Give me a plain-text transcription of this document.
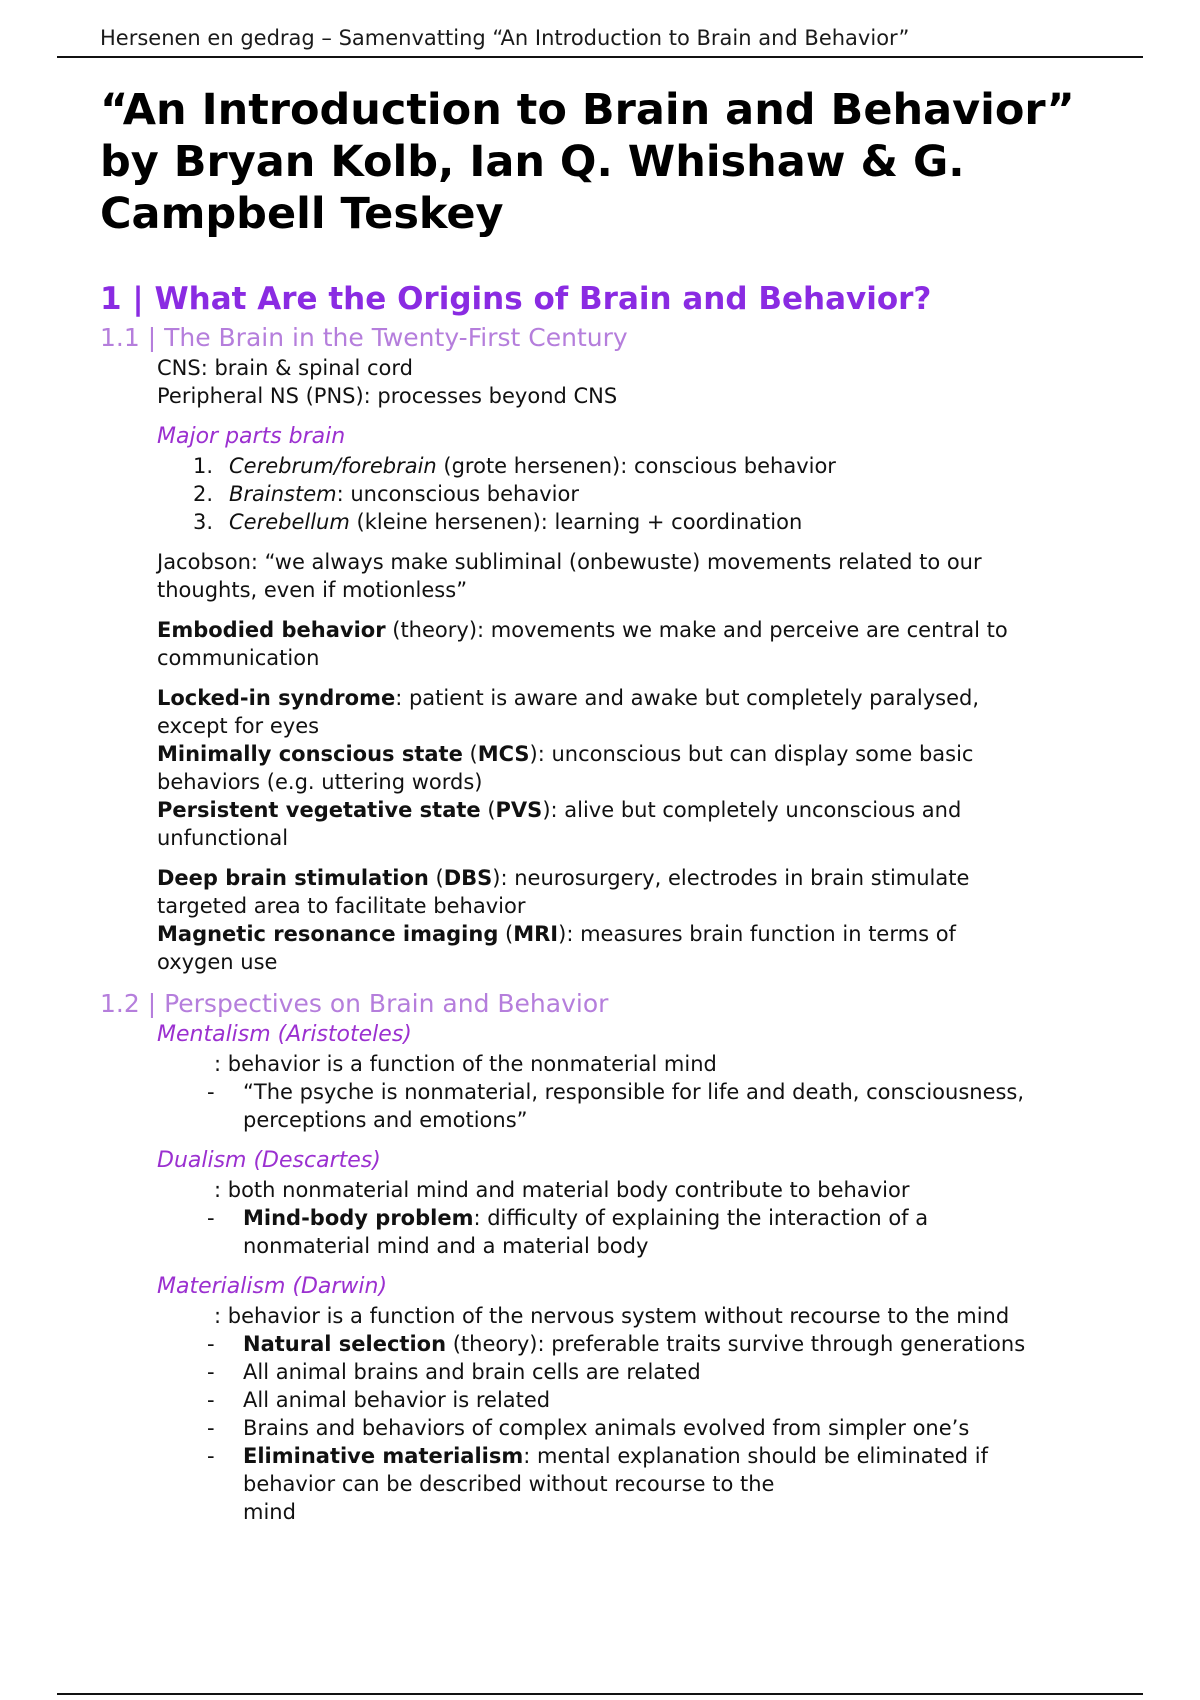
Hersenen en gedrag – Samenvatting “An Introduction to Brain and Behavior”
“An Introduction to Brain and Behavior”
by Bryan Kolb, Ian Q. Whishaw & G.
Campbell Teskey
1 | What Are the Origins of Brain and Behavior?
1.1 | The Brain in the Twenty-First Century
CNS: brain & spinal cord
Peripheral NS (PNS): processes beyond CNS
Major parts brain
1. Cerebrum/forebrain (grote hersenen): conscious behavior
2. Brainstem: unconscious behavior
3. Cerebellum (kleine hersenen): learning + coordination
Jacobson: “we always make subliminal (onbewuste) movements related to our
thoughts, even if motionless”
Embodied behavior (theory): movements we make and perceive are central to
communication
Locked-in syndrome: patient is aware and awake but completely paralysed,
except for eyes
Minimally conscious state (MCS): unconscious but can display some basic
behaviors (e.g. uttering words)
Persistent vegetative state (PVS): alive but completely unconscious and
unfunctional
Deep brain stimulation (DBS): neurosurgery, electrodes in brain stimulate
targeted area to facilitate behavior
Magnetic resonance imaging (MRI): measures brain function in terms of
oxygen use
1.2 | Perspectives on Brain and Behavior
Mentalism (Aristoteles)
: behavior is a function of the nonmaterial mind
- “The psyche is nonmaterial, responsible for life and death, consciousness,
perceptions and emotions”
Dualism (Descartes)
: both nonmaterial mind and material body contribute to behavior
- Mind-body problem: difficulty of explaining the interaction of a
nonmaterial mind and a material body
Materialism (Darwin)
: behavior is a function of the nervous system without recourse to the mind
- Natural selection (theory): preferable traits survive through generations
- All animal brains and brain cells are related
- All animal behavior is related
- Brains and behaviors of complex animals evolved from simpler one’s
- Eliminative materialism: mental explanation should be eliminated if
behavior can be described without recourse to the
mind
